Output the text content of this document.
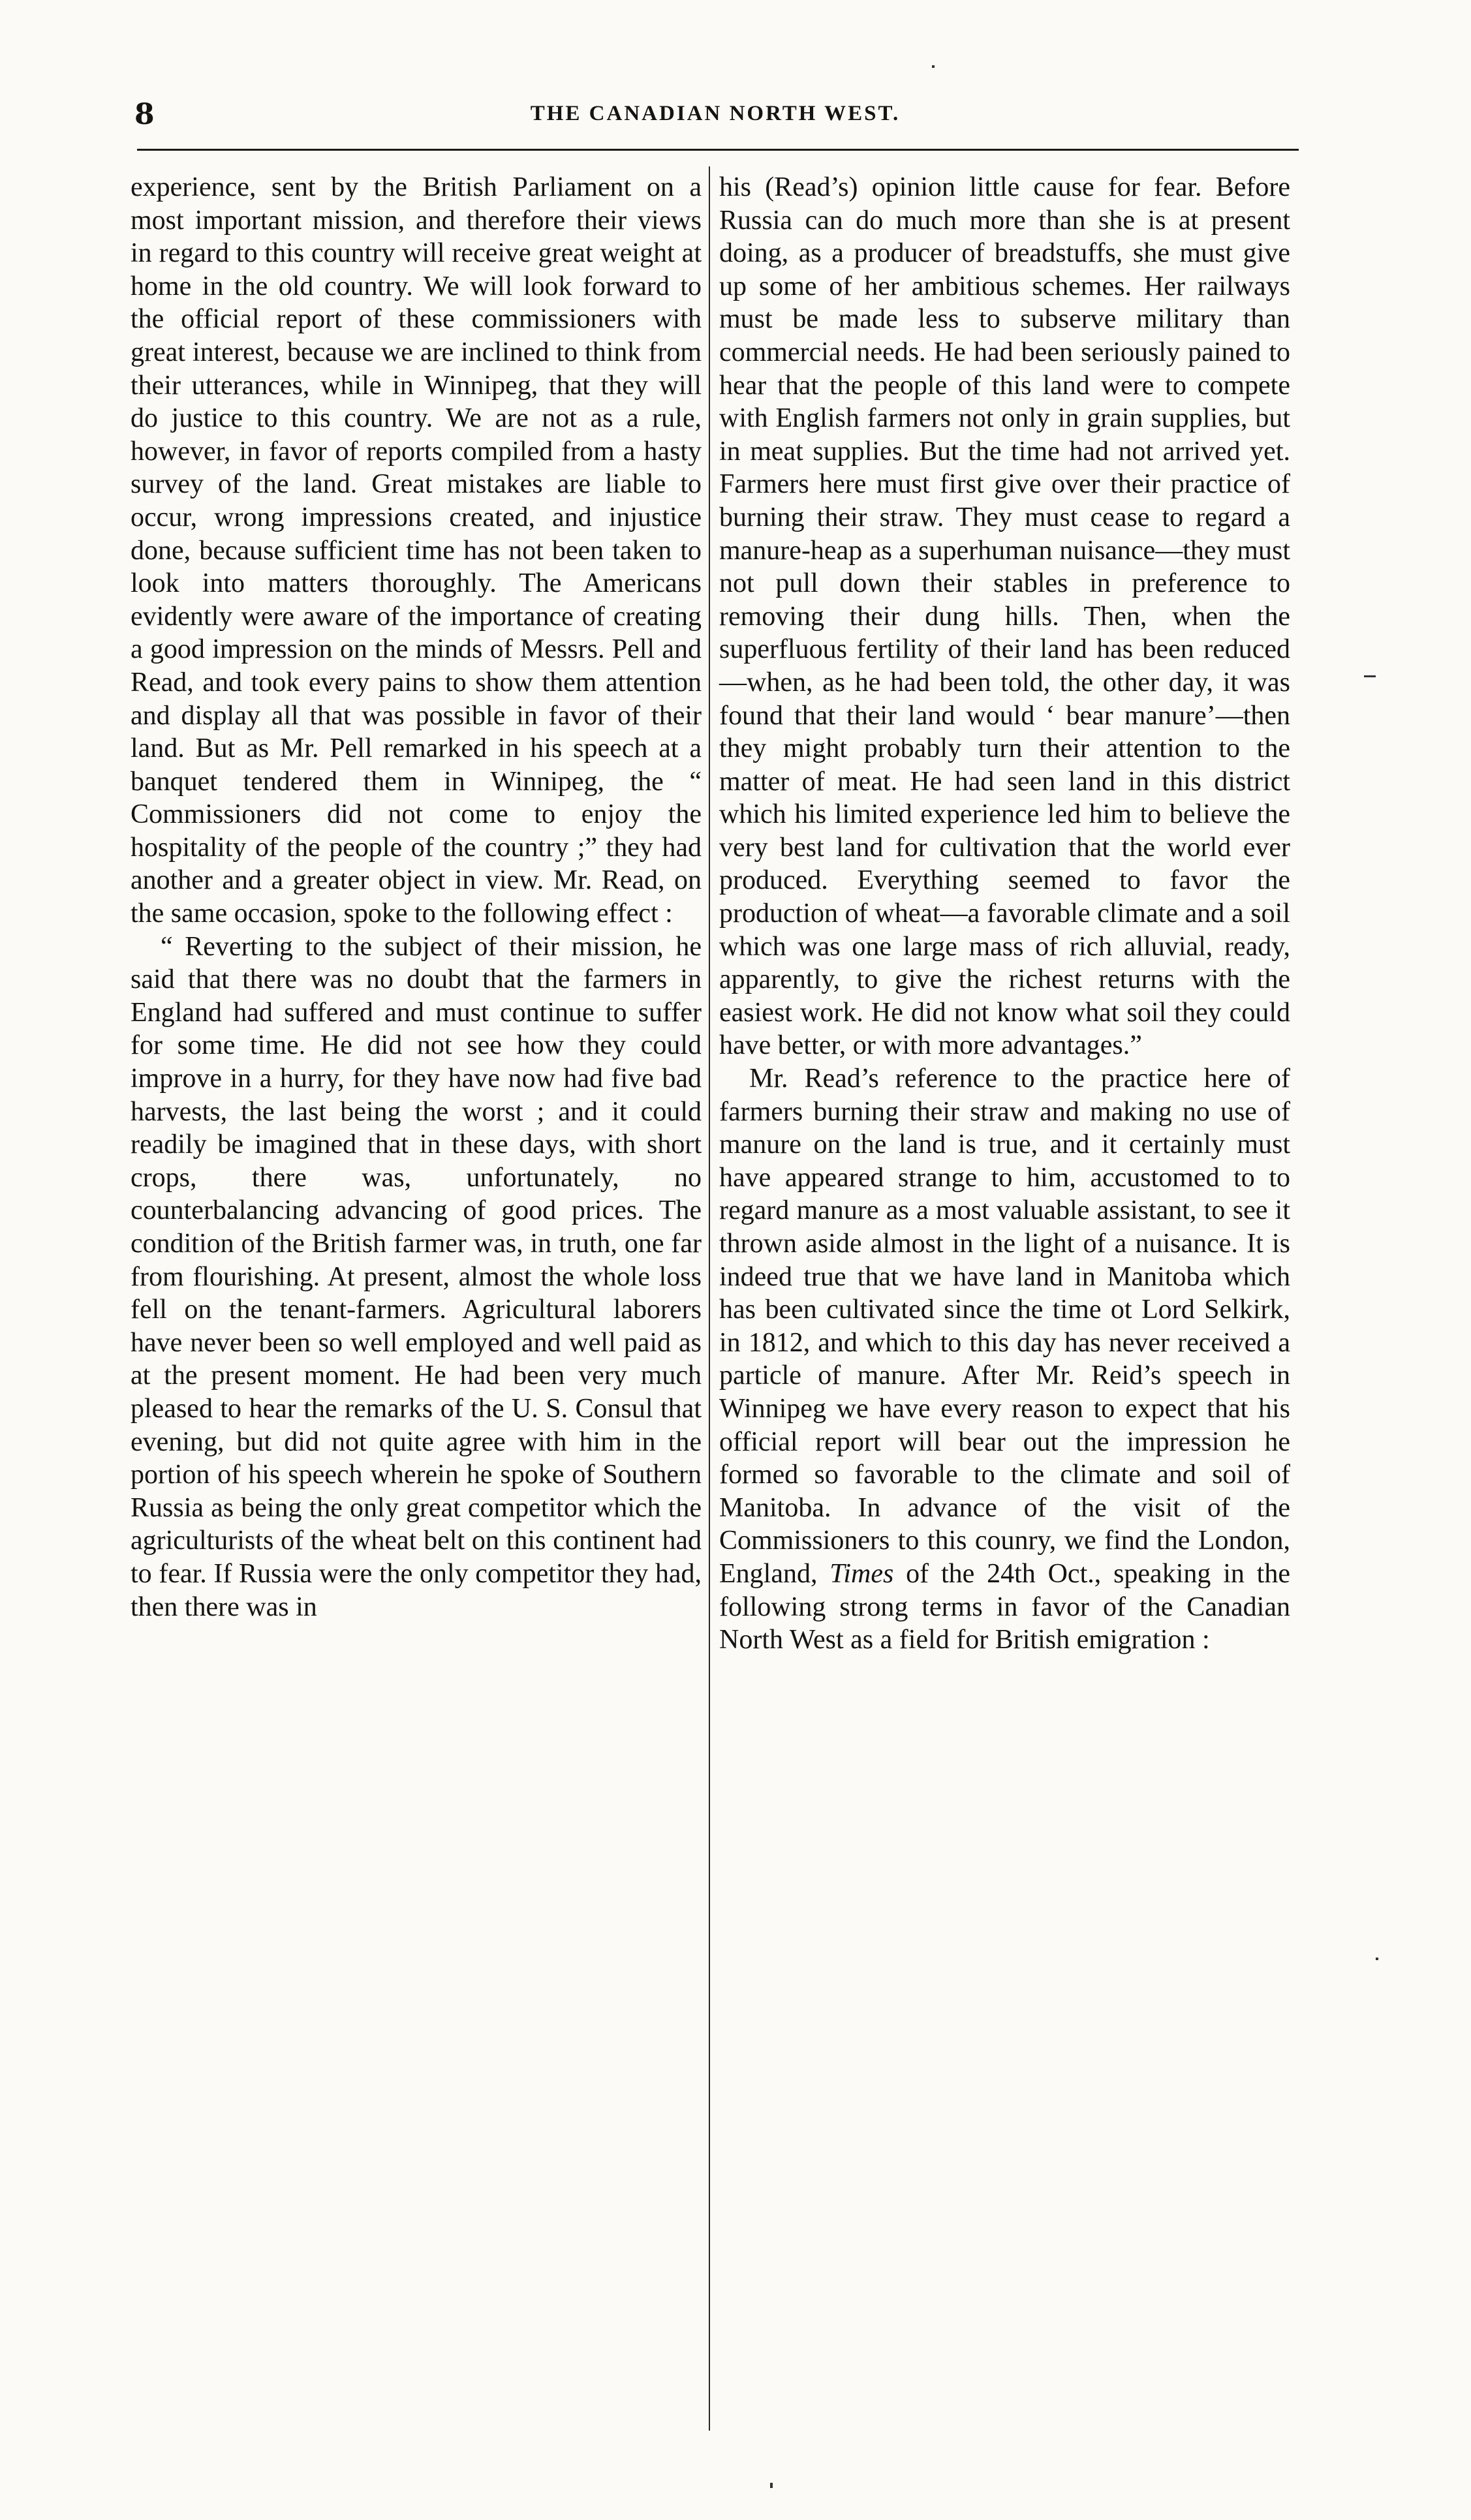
8	THE CANADIAN NORTH WEST.

experience, sent by the British Parliament on a most important mission, and therefore their views in regard to this country will receive great weight at home in the old country. We will look forward to the official report of these commissioners with great interest, because we are inclined to think from their utterances, while in Winnipeg, that they will do justice to this country. We are not as a rule, however, in favor of reports compiled from a hasty survey of the land. Great mistakes are liable to occur, wrong impressions created, and injustice done, because sufficient time has not been taken to look into matters thoroughly. The Americans evidently were aware of the importance of creating a good impression on the minds of Messrs. Pell and Read, and took every pains to show them attention and display all that was possible in favor of their land. But as Mr. Pell remarked in his speech at a banquet tendered them in Winnipeg, the “ Commissioners did not come to enjoy the hospitality of the people of the country ;” they had another and a greater object in view. Mr. Read, on the same occasion, spoke to the following effect :

“ Reverting to the subject of their mission, he said that there was no doubt that the farmers in England had suffered and must continue to suffer for some time. He did not see how they could improve in a hurry, for they have now had five bad harvests, the last being the worst ; and it could readily be imagined that in these days, with short crops, there was, unfortunately, no counterbalancing advancing of good prices. The condition of the British farmer was, in truth, one far from flourishing. At present, almost the whole loss fell on the tenant-farmers. Agricultural laborers have never been so well employed and well paid as at the present moment. He had been very much pleased to hear the remarks of the U. S. Consul that evening, but did not quite agree with him in the portion of his speech wherein he spoke of Southern Russia as being the only great competitor which the agriculturists of the wheat belt on this continent had to fear. If Russia were the only competitor they had, then there was in

his (Read’s) opinion little cause for fear. Before Russia can do much more than she is at present doing, as a producer of breadstuffs, she must give up some of her ambitious schemes. Her railways must be made less to subserve military than commercial needs. He had been seriously pained to hear that the people of this land were to compete with English farmers not only in grain supplies, but in meat supplies. But the time had not arrived yet. Farmers here must first give over their practice of burning their straw. They must cease to regard a manure-heap as a superhuman nuisance—they must not pull down their stables in preference to removing their dung hills. Then, when the superfluous fertility of their land has been reduced—when, as he had been told, the other day, it was found that their land would ‘ bear manure’—then they might probably turn their attention to the matter of meat. He had seen land in this district which his limited experience led him to believe the very best land for cultivation that the world ever produced. Everything seemed to favor the production of wheat—a favorable climate and a soil which was one large mass of rich alluvial, ready, apparently, to give the richest returns with the easiest work. He did not know what soil they could have better, or with more advantages.”

Mr. Read’s reference to the practice here of farmers burning their straw and making no use of manure on the land is true, and it certainly must have appeared strange to him, accustomed to to regard manure as a most valuable assistant, to see it thrown aside almost in the light of a nuisance. It is indeed true that we have land in Manitoba which has been cultivated since the time ot Lord Selkirk, in 1812, and which to this day has never received a particle of manure. After Mr. Reid’s speech in Winnipeg we have every reason to expect that his official report will bear out the impression he formed so favorable to the climate and soil of Manitoba. In advance of the visit of the Commissioners to this counry, we find the London, England, Times of the 24th Oct., speaking in the following strong terms in favor of the Canadian North West as a field for British emigration :
